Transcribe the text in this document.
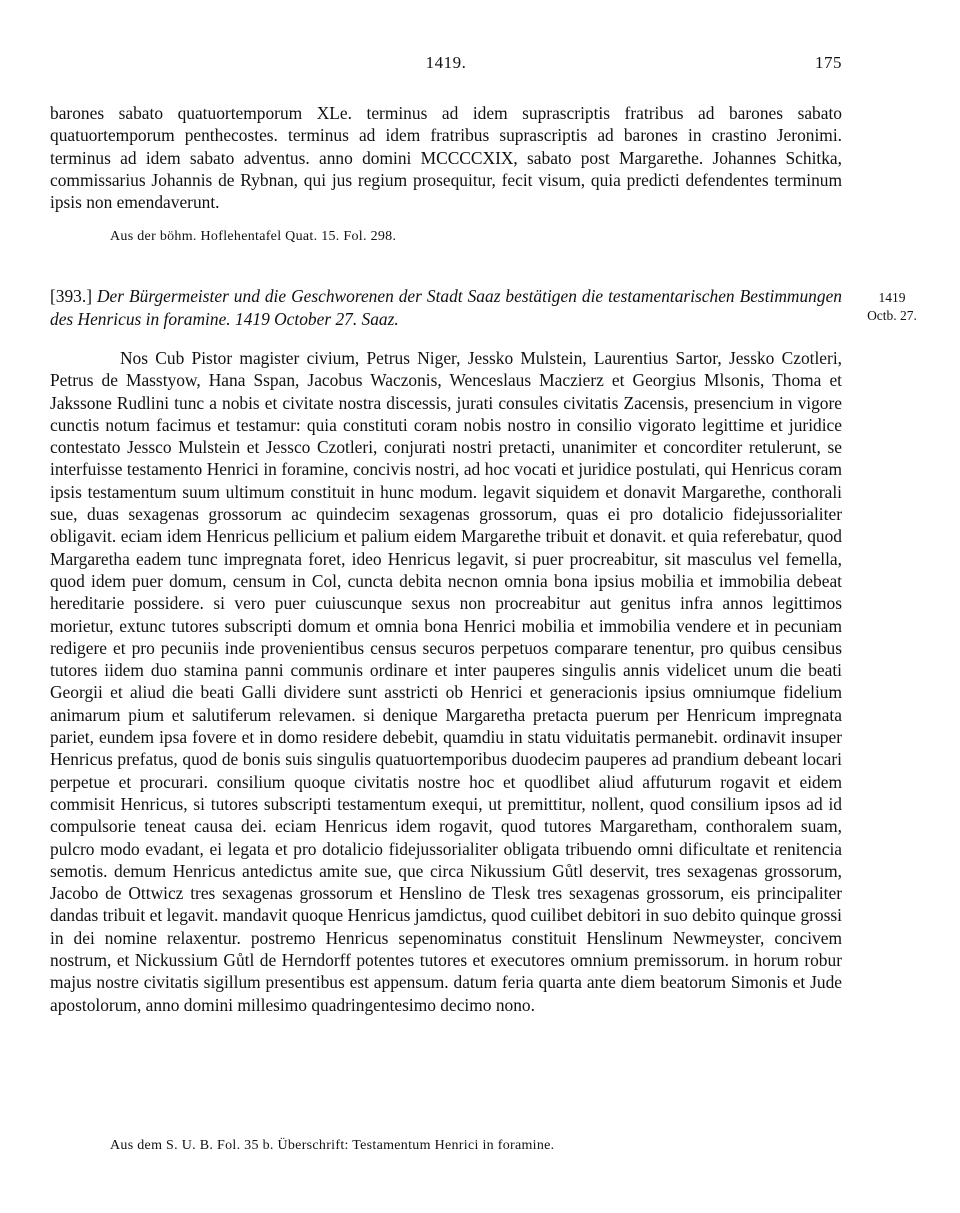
1419.	175

barones sabato quatuortemporum XLe. terminus ad idem suprascriptis fratribus ad barones sabato quatuortemporum penthecostes. terminus ad idem fratribus suprascriptis ad barones in crastino Jeronimi. terminus ad idem sabato adventus. anno domini MCCCCXIX, sabato post Margarethe. Johannes Schitka, commissarius Johannis de Rybnan, qui jus regium prosequitur, fecit visum, quia predicti defendentes terminum ipsis non emendaverunt.

Aus der böhm. Hoflehentafel Quat. 15. Fol. 298.
[393.] Der Bürgermeister und die Geschworenen der Stadt Saaz bestätigen die testamentarischen Bestimmungen des Henricus in foramine. 1419 October 27. Saaz.

Nos Cub Pistor magister civium, Petrus Niger, Jessko Mulstein, Laurentius Sartor, Jessko Czotleri, Petrus de Masstyow, Hana Sspan, Jacobus Waczonis, Wenceslaus Maczierz et Georgius Mlsonis, Thoma et Jakssone Rudlini tunc a nobis et civitate nostra discessis, jurati consules civitatis Zacensis, presencium in vigore cunctis notum facimus et testamur: quia constituti coram nobis nostro in consilio vigorato legittime et juridice contestato Jessco Mulstein et Jessco Czotleri, conjurati nostri pretacti, unanimiter et concorditer retulerunt, se interfuisse testamento Henrici in foramine, concivis nostri, ad hoc vocati et juridice postulati, qui Henricus coram ipsis testamentum suum ultimum constituit in hunc modum. legavit siquidem et donavit Margarethe, conthorali sue, duas sexagenas grossorum ac quindecim sexagenas grossorum, quas ei pro dotalicio fidejussorialiter obligavit. eciam idem Henricus pellicium et palium eidem Margarethe tribuit et donavit. et quia referebatur, quod Margaretha eadem tunc impregnata foret, ideo Henricus legavit, si puer procreabitur, sit masculus vel femella, quod idem puer domum, censum in Col, cuncta debita necnon omnia bona ipsius mobilia et immobilia debeat hereditarie possidere. si vero puer cuiuscunque sexus non procreabitur aut genitus infra annos legittimos morietur, extunc tutores subscripti domum et omnia bona Henrici mobilia et immobilia vendere et in pecuniam redigere et pro pecuniis inde provenientibus census securos perpetuos comparare tenentur, pro quibus censibus tutores iidem duo stamina panni communis ordinare et inter pauperes singulis annis videlicet unum die beati Georgii et aliud die beati Galli dividere sunt asstricti ob Henrici et generacionis ipsius omniumque fidelium animarum pium et salutiferum relevamen. si denique Margaretha pretacta puerum per Henricum impregnata pariet, eundem ipsa fovere et in domo residere debebit, quamdiu in statu viduitatis permanebit. ordinavit insuper Henricus prefatus, quod de bonis suis singulis quatuortemporibus duodecim pauperes ad prandium debeant locari perpetue et procurari. consilium quoque civitatis nostre hoc et quodlibet aliud affuturum rogavit et eidem commisit Henricus, si tutores subscripti testamentum exequi, ut premittitur, nollent, quod consilium ipsos ad id compulsorie teneat causa dei. eciam Henricus idem rogavit, quod tutores Margaretham, conthoralem suam, pulcro modo evadant, ei legata et pro dotalicio fidejussorialiter obligata tribuendo omni dificultate et renitencia semotis. demum Henricus antedictus amite sue, que circa Nikussium Gůtl deservit, tres sexagenas grossorum, Jacobo de Ottwicz tres sexagenas grossorum et Henslino de Tlesk tres sexagenas grossorum, eis principaliter dandas tribuit et legavit. mandavit quoque Henricus jamdictus, quod cuilibet debitori in suo debito quinque grossi in dei nomine relaxentur. postremo Henricus sepenominatus constituit Henslinum Newmeyster, concivem nostrum, et Nickussium Gůtl de Herndorff potentes tutores et executores omnium premissorum. in horum robur majus nostre civitatis sigillum presentibus est appensum. datum feria quarta ante diem beatorum Simonis et Jude apostolorum, anno domini millesimo quadringentesimo decimo nono.

Aus dem S. U. B. Fol. 35 b. Überschrift: Testamentum Henrici in foramine.
1419
Octb. 27.
